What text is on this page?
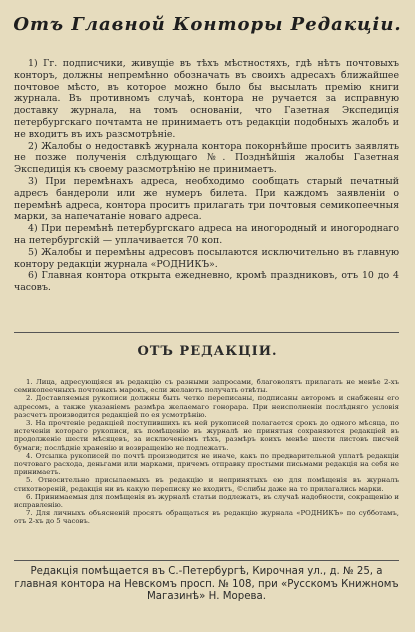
Отъ Главной Конторы Редакціи.

1) Гг. подписчики, живущіе въ тѣхъ мѣстностяхъ, гдѣ нѣтъ почтовыхъ конторъ, должны непремѣнно обозначать въ своихъ адресахъ ближайшее почтовое мѣсто, въ которое можно было бы высылать премію книги журнала. Въ противномъ случаѣ, контора не ручается за исправную доставку журнала, на томъ основаніи, что Газетная Экспедиція петербургскаго почтамта не принимаетъ отъ редакціи подобныхъ жалобъ и не входитъ въ ихъ разсмотрѣніе.

2) Жалобы о недоставкѣ журнала контора покорнѣйше проситъ заявлять не позже полученія слѣдующаго №. Позднѣйшія жалобы Газетная Экспедиція къ своему разсмотрѣнію не принимаетъ.

3) При перемѣнахъ адреса, необходимо сообщать старый печатный адресъ бандероли или же нумеръ билета. При каждомъ заявленіи о перемѣнѣ адреса, контора проситъ прилагать три почтовыя семикопеечныя марки, за напечатаніе новаго адреса.

4) При перемѣнѣ петербургскаго адреса на иногородный и иногороднаго на петербургскій — уплачивается 70 коп.

5) Жалобы и перемѣны адресовъ посылаются исключительно въ главную контору редакціи журнала «РОДНИКЪ».

6) Главная контора открыта ежедневно, кромѣ праздниковъ, отъ 10 до 4 часовъ.

ОТЪ РЕДАКЦІИ.

1. Лица, адресующіяся въ редакцію съ разными запросами, благоволятъ прилагать не менѣе 2-хъ семикопеечныхъ почтовыхъ марокъ, если желаютъ получать отвѣты.

2. Доставляемыя рукописи должны быть четко переписаны, подписаны авторомъ и снабжены его адресомъ, а также указаніемъ размѣра желаемаго гонорара. При неисполненіи послѣдняго условія разсчетъ производится редакціей по ея усмотрѣнію.

3. На прочтеніе редакціей поступившихъ къ ней рукописей полагается срокъ до одного мѣсяца, по истеченіи котораго рукописи, къ помѣщенію въ журналѣ не принятыя сохраняются редакціей въ продолженіе шести мѣсяцевъ, за исключеніемъ тѣхъ, размѣръ коихъ менѣе шести листовъ писчей бумаги; послѣдніе храненію и возвращенію не подлежатъ.

4. Отсылка рукописей по почтѣ производится не иначе, какъ по предварительной уплатѣ редакціи почтоваго расхода, деньгами или марками, причемъ отправку простыми письмами редакція на себя не принимаетъ.

5. Относительно присылаемыхъ въ редакцію и непринятыхъ ею для помѣщенія въ журналъ стихотвореній, редакція ни въ какую переписку не входитъ, ©слибы даже на то прилагались марки.

6. Принимаемыя для помѣщенія въ журналѣ статьи подлежатъ, въ случаѣ надобности, сокращенію и исправленію.

7. Для личныхъ объясненій просятъ обращаться въ редакцію журнала «РОДНИКЪ» по субботамъ, отъ 2-хъ до 5 часовъ.

Редакція помѣщается въ С.-Петербургѣ, Кирочная ул., д. № 25, а главная контора на Невскомъ просп. № 108, при «Русскомъ Книжномъ Магазинѣ» Н. Морева.
